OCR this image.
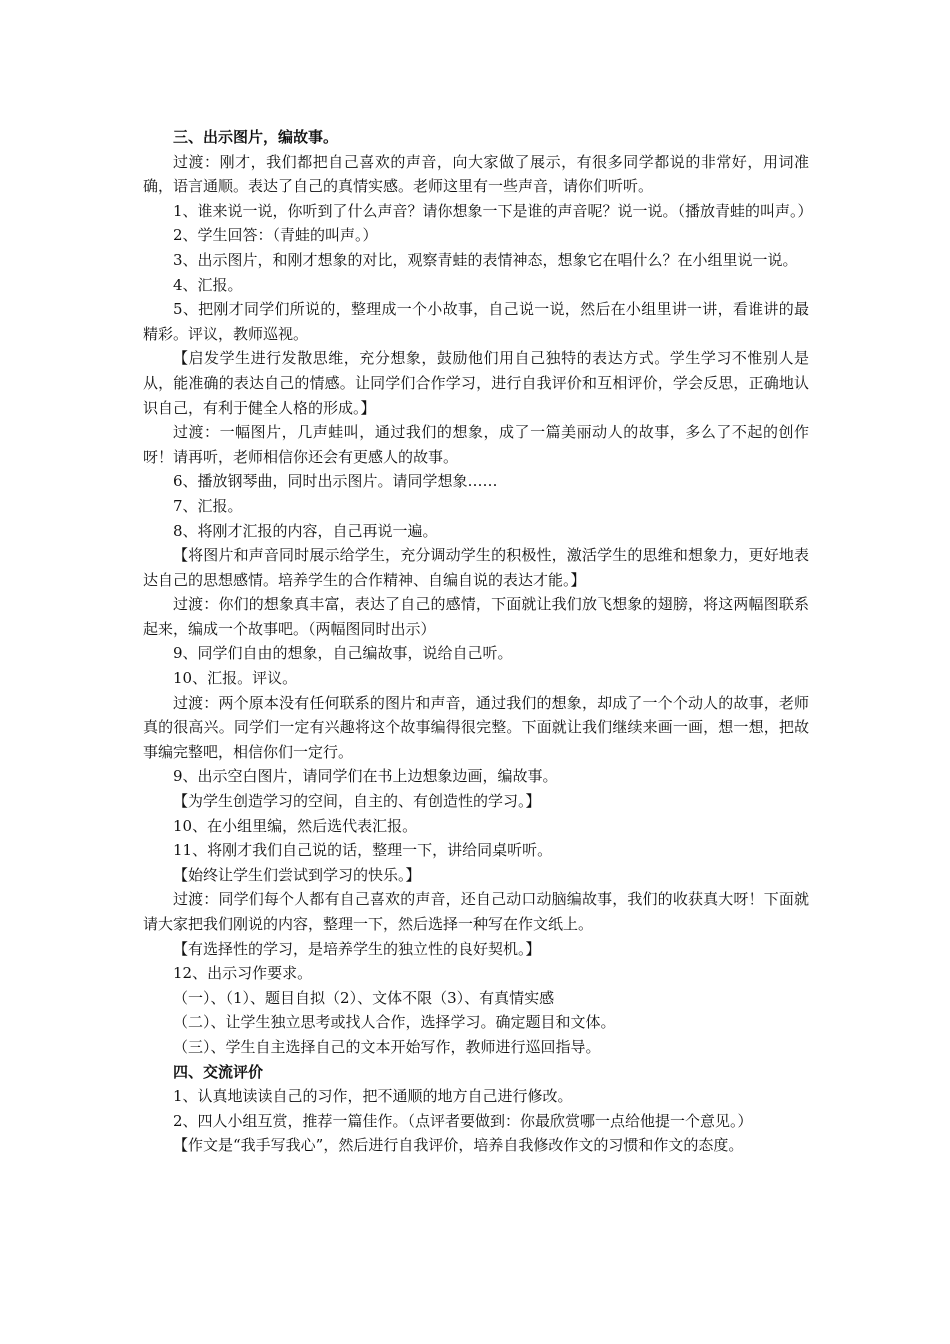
三、出示图片，编故事。

过渡：刚才，我们都把自己喜欢的声音，向大家做了展示，有很多同学都说的非常好，用词准确，语言通顺。表达了自己的真情实感。老师这里有一些声音，请你们听听。

1、谁来说一说，你听到了什么声音？请你想象一下是谁的声音呢？说一说。（播放青蛙的叫声。）

2、学生回答：（青蛙的叫声。）

3、出示图片，和刚才想象的对比，观察青蛙的表情神态，想象它在唱什么？在小组里说一说。

4、汇报。

5、把刚才同学们所说的，整理成一个小故事，自己说一说，然后在小组里讲一讲，看谁讲的最精彩。评议，教师巡视。

【启发学生进行发散思维，充分想象，鼓励他们用自己独特的表达方式。学生学习不惟别人是从，能准确的表达自己的情感。让同学们合作学习，进行自我评价和互相评价，学会反思，正确地认识自己，有利于健全人格的形成。】

过渡：一幅图片，几声蛙叫，通过我们的想象，成了一篇美丽动人的故事，多么了不起的创作呀！请再听，老师相信你还会有更感人的故事。

6、播放钢琴曲，同时出示图片。请同学想象……

7、汇报。

8、将刚才汇报的内容，自己再说一遍。

【将图片和声音同时展示给学生，充分调动学生的积极性，激活学生的思维和想象力，更好地表达自己的思想感情。培养学生的合作精神、自编自说的表达才能。】

过渡：你们的想象真丰富，表达了自己的感情，下面就让我们放飞想象的翅膀，将这两幅图联系起来，编成一个故事吧。（两幅图同时出示）

9、同学们自由的想象，自己编故事，说给自己听。

10、汇报。评议。

过渡：两个原本没有任何联系的图片和声音，通过我们的想象，却成了一个个动人的故事，老师真的很高兴。同学们一定有兴趣将这个故事编得很完整。下面就让我们继续来画一画，想一想，把故事编完整吧，相信你们一定行。

9、出示空白图片，请同学们在书上边想象边画，编故事。

【为学生创造学习的空间，自主的、有创造性的学习。】

10、在小组里编，然后选代表汇报。

11、将刚才我们自己说的话，整理一下，讲给同桌听听。

【始终让学生们尝试到学习的快乐。】

过渡：同学们每个人都有自己喜欢的声音，还自己动口动脑编故事，我们的收获真大呀！下面就请大家把我们刚说的内容，整理一下，然后选择一种写在作文纸上。

【有选择性的学习，是培养学生的独立性的良好契机。】

12、出示习作要求。

（一）、（1）、题目自拟（2）、文体不限（3）、有真情实感

（二）、让学生独立思考或找人合作，选择学习。确定题目和文体。

（三）、学生自主选择自己的文本开始写作，教师进行巡回指导。

四、交流评价

1、认真地读读自己的习作，把不通顺的地方自己进行修改。

2、四人小组互赏，推荐一篇佳作。（点评者要做到：你最欣赏哪一点给他提一个意见。）

【作文是“我手写我心”，然后进行自我评价，培养自我修改作文的习惯和作文的态度。
